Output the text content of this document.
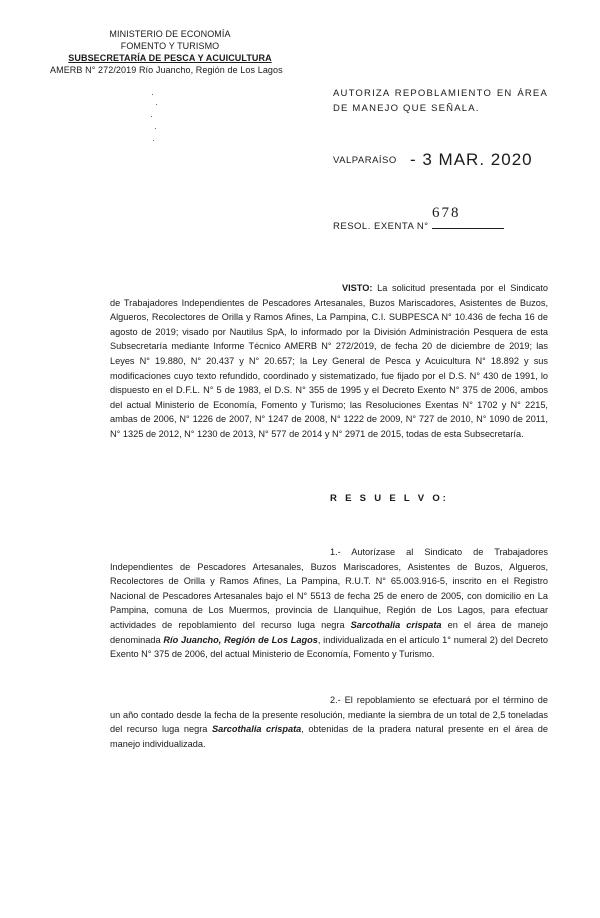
MINISTERIO DE ECONOMÍA
FOMENTO Y TURISMO
SUBSECRETARÍA DE PESCA Y ACUICULTURA
AMERB N° 272/2019 Río Juancho, Región de Los Lagos
AUTORIZA REPOBLAMIENTO EN ÁREA DE MANEJO QUE SEÑALA.
VALPARAÍSO - 3 MAR. 2020
678
RESOL. EXENTA N°
VISTO: La solicitud presentada por el Sindicato de Trabajadores Independientes de Pescadores Artesanales, Buzos Mariscadores, Asistentes de Buzos, Algueros, Recolectores de Orilla y Ramos Afines, La Pampina, C.I. SUBPESCA N° 10.436 de fecha 16 de agosto de 2019; visado por Nautilus SpA, lo informado por la División Administración Pesquera de esta Subsecretaría mediante Informe Técnico AMERB N° 272/2019, de fecha 20 de diciembre de 2019; las Leyes N° 19.880, N° 20.437 y N° 20.657; la Ley General de Pesca y Acuicultura N° 18.892 y sus modificaciones cuyo texto refundido, coordinado y sistematizado, fue fijado por el D.S. N° 430 de 1991, lo dispuesto en el D.F.L. N° 5 de 1983, el D.S. N° 355 de 1995 y el Decreto Exento N° 375 de 2006, ambos del actual Ministerio de Economía, Fomento y Turismo; las Resoluciones Exentas N° 1702 y N° 2215, ambas de 2006, N° 1226 de 2007, N° 1247 de 2008, N° 1222 de 2009, N° 727 de 2010, N° 1090 de 2011, N° 1325 de 2012, N° 1230 de 2013, N° 577 de 2014 y N° 2971 de 2015, todas de esta Subsecretaría.
R E S U E L V O:
1.- Autorízase al Sindicato de Trabajadores Independientes de Pescadores Artesanales, Buzos Mariscadores, Asistentes de Buzos, Algueros, Recolectores de Orilla y Ramos Afines, La Pampina, R.U.T. N° 65.003.916-5, inscrito en el Registro Nacional de Pescadores Artesanales bajo el N° 5513 de fecha 25 de enero de 2005, con domicilio en La Pampina, comuna de Los Muermos, provincia de Llanquihue, Región de Los Lagos, para efectuar actividades de repoblamiento del recurso luga negra Sarcothalia crispata en el área de manejo denominada Río Juancho, Región de Los Lagos, individualizada en el artículo 1° numeral 2) del Decreto Exento N° 375 de 2006, del actual Ministerio de Economía, Fomento y Turismo.
2.- El repoblamiento se efectuará por el término de un año contado desde la fecha de la presente resolución, mediante la siembra de un total de 2,5 toneladas del recurso luga negra Sarcothalia crispata, obtenidas de la pradera natural presente en el área de manejo individualizada.
